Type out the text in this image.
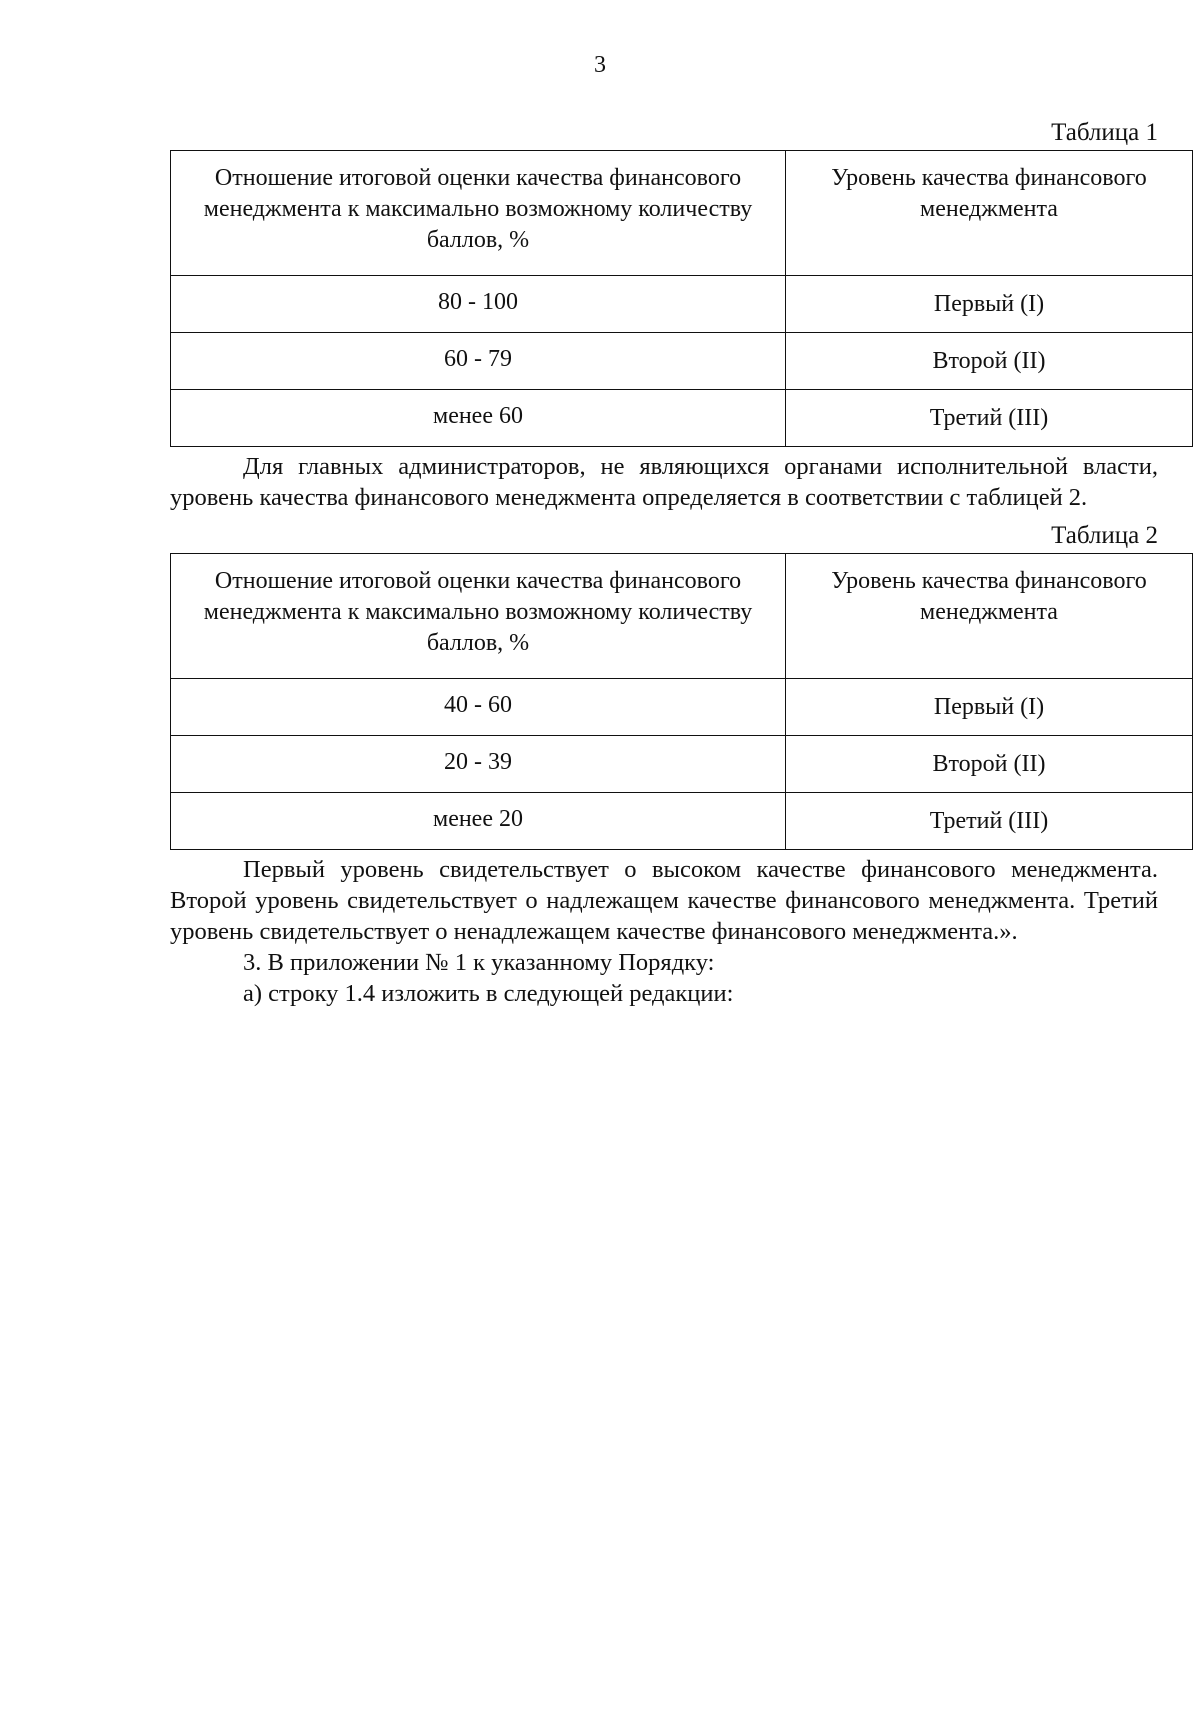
3
Таблица 1
Отношение итоговой оценки качества финансового менеджмента к максимально возможному количеству баллов, %	Уровень качества финансового менеджмента
80 - 100	Первый (I)
60 - 79	Второй (II)
менее 60	Третий (III)

Для главных администраторов, не являющихся органами исполнительной власти, уровень качества финансового менеджмента определяется в соответствии с таблицей 2.

Таблица 2
Отношение итоговой оценки качества финансового менеджмента к максимально возможному количеству баллов, %	Уровень качества финансового менеджмента
40 - 60	Первый (I)
20 - 39	Второй (II)
менее 20	Третий (III)

Первый уровень свидетельствует о высоком качестве финансового менеджмента. Второй уровень свидетельствует о надлежащем качестве финансового менеджмента. Третий уровень свидетельствует о ненадлежащем качестве финансового менеджмента.».

3. В приложении № 1 к указанному Порядку:

а) строку 1.4 изложить в следующей редакции:
